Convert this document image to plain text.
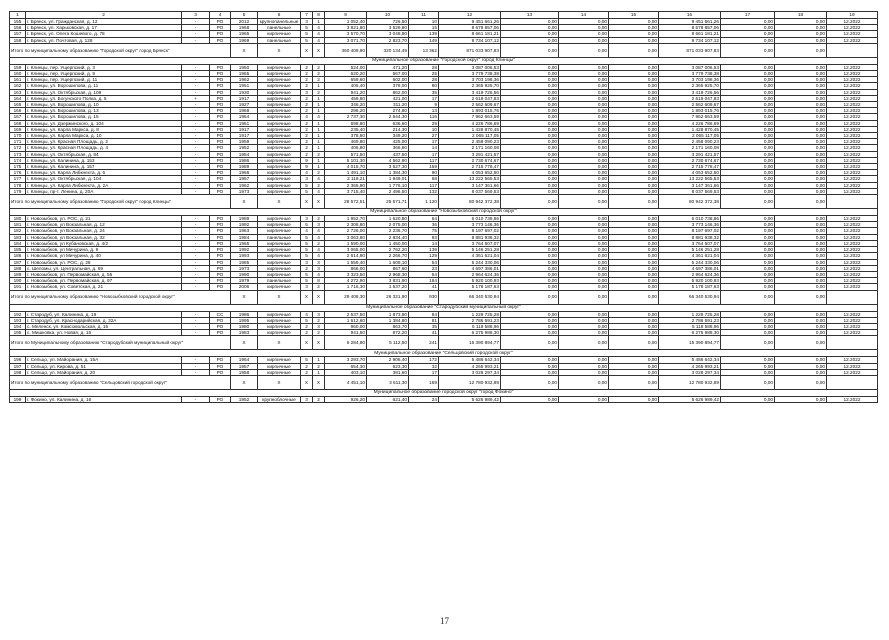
1	2	3	4	5	6	7	8	9	10	11	12	13	14	15	16	17	18	19
155	г. Брянск, ул. Гражданская, д. 12	-	РО	2012	крупнопанельные	3	1	1 052,40	726,50	10	9 451 661,26	0,00	0,00	0,00	9 451 661,26	0,00	0,00	12.2022
156	г. Брянск, ул. Харьковская, д. 17	-	РО	1968	панельные	5	4	3 821,80	3 529,80	15	8 678 857,06	0,00	0,00	0,00	8 678 857,06	0,00	0,00	12.2022
157	г. Брянск, ул. Олега Кошевого, д. 78	-	РО	1965	кирпичные	5	4	3 570,70	3 048,80	139	8 661 181,21	0,00	0,00	0,00	8 661 181,21	0,00	0,00	12.2022
158	г. Брянск, ул. Почтовая, д. 128	-	РО	1969	панельные	5	4	3 071,70	2 823,70	149	9 734 107,12	0,00	0,00	0,00	9 734 107,12	0,00	0,00	12.2022
Итого по муниципальному образованию "Городской округ" город Брянск"				X	X	X	X	360 409,90	320 134,49	13 362	871 033 907,83	0,00	0,00	0,00	871 033 907,83	0,00	0,00	
Муниципальное образование "Городской округ" город Клинцы"																		
159	г. Клинцы, пер. Ущерпский, д. 3	-	РО	1950	кирпичные	2	2	524,00	471,20	28	3 087 006,53	0,00	0,00	0,00	3 087 006,53	0,00	0,00	12.2022
160	г. Клинцы, пер. Ущерпский, д. 9	-	РО	1965	кирпичные	2	2	620,20	567,00	25	3 779 738,38	0,00	0,00	0,00	3 779 738,38	0,00	0,00	12.2022
161	г. Клинцы, пер. Ущерпский, д. 11	-	РО	1962	кирпичные	2	2	659,60	602,00	28	3 703 198,36	0,00	0,00	0,00	3 703 198,36	0,00	0,00	12.2022
162	г. Клинцы, ул. Ворошилова, д. 11	-	РО	1951	кирпичные	2	1	406,40	378,00	80	2 365 925,70	0,00	0,00	0,00	2 365 925,70	0,00	0,00	12.2022
163	г. Клинцы, ул. Октябрьская, д. 108	-	РО	1930	кирпичные	3	2	941,20	862,00	35	3 419 726,56	0,00	0,00	0,00	3 419 726,56	0,00	0,00	12.2022
164	г. Клинцы, ул. Богунского Полка, д. 5	+	РО	1917	кирпичные	2	1	459,80	421,00	17	2 619 047,83	0,00	0,00	0,00	2 619 047,83	0,00	0,00	12.2022
165	г. Клинцы, ул. Ворошилова, д. 10	-	РО	1927	кирпичные	2	1	346,20	311,20	9	2 562 609,67	0,00	0,00	0,00	2 562 609,67	0,00	0,00	12.2022
166	г. Клинцы, ул. Ворошилова, д. 13	-	РО	1968	кирпичные	2	1	296,20	274,80	13	1 893 015,76	0,00	0,00	0,00	1 893 015,76	0,00	0,00	12.2022
167	г. Клинцы, ул. Ворошилова, д. 15	-	РО	1964	кирпичные	4	4	2 737,30	2 544,30	116	7 962 663,59	0,00	0,00	0,00	7 962 663,59	0,00	0,00	12.2022
168	г. Клинцы, ул. Дзержинского, д. 104	-	РО	1961	кирпичные	2	1	698,80	636,60	29	4 226 786,69	0,00	0,00	0,00	4 226 786,69	0,00	0,00	12.2022
169	г. Клинцы, ул. Карла Маркса, д. 8	-	РО	1917	кирпичные	2	1	235,40	214,30	10	1 428 870,45	0,00	0,00	0,00	1 428 870,45	0,00	0,00	12.2022
170	г. Клинцы, ул. Карла Маркса, д. 10	-	РО	1917	кирпичные	2	1	378,80	349,20	27	2 065 117,05	0,00	0,00	0,00	2 065 117,05	0,00	0,00	12.2022
171	г. Клинцы, ул. Красная Площадь, д. 2	-	РО	1959	кирпичные	2	1	469,80	425,00	17	2 458 090,23	0,00	0,00	0,00	2 458 090,23	0,00	0,00	12.2022
172	г. Клинцы, ул. Красная Площадь, д. 4	-	РО	1952	кирпичные	2	1	406,80	366,80	14	2 171 160,08	0,00	0,00	0,00	2 171 160,08	0,00	0,00	12.2022
173	г. Клинцы, ул. Октябрьская, д. 84	-	РО	1954	кирпичные	2	2	571,50	437,50	17	3 291 421,57	0,00	0,00	0,00	3 291 421,57	0,00	0,00	12.2022
174	г. Клинцы, ул. Калинина, д. 153	-	РО	1986	кирпичные	9	1	5 101,30	4 562,90	117	2 730 674,67	0,00	0,00	0,00	2 730 674,67	0,00	0,00	12.2022
175	г. Клинцы, ул. Калинина, д. 157	-	РО	1989	кирпичные	9	1	4 015,70	3 527,30	159	2 715 778,47	0,00	0,00	0,00	2 715 778,47	0,00	0,00	12.2022
176	г. Клинцы, ул. Карла Либкнехта, д. 6	-	РО	1966	кирпичные	4	2	1 491,10	1 384,30	90	4 053 652,50	0,00	0,00	0,00	4 053 652,50	0,00	0,00	12.2022
177	г. Клинцы, ул. Октябрьская, д. 104	-	РО	1957	кирпичные	3	4	2 118,21	1 949,01	68	13 222 565,53	0,00	0,00	0,00	13 222 565,53	0,00	0,00	12.2022
178	г. Клинцы, ул. Карла Либкнехта, д. 2А	-	РО	1962	кирпичные	5	2	2 365,90	1 776,10	117	3 147 361,66	0,00	0,00	0,00	3 147 361,66	0,00	0,00	12.2022
179	г. Клинцы, пр-т. Ленина, д. 20А	-	РО	1973	кирпичные	5	4	3 715,40	2 496,50	132	8 037 569,53	0,00	0,00	0,00	8 037 569,53	0,00	0,00	12.2022
Итого по муниципальному образованию "Городской округ" город Клинцы"				X	X	X	X	28 572,51	25 571,71	1 120	80 942 372,38	0,00	0,00	0,00	80 942 372,38	0,00	0,00	
Муниципальное образование "Новозыбковский городской округ"																		
180	г. Новозыбков, ул. РОС, д. 21	-	РО	1989	кирпичные	3	2	1 952,70	1 620,80	64	6 010 738,86	0,00	0,00	0,00	6 010 738,86	0,00	0,00	12.2022
181	г. Новозыбков, ул Вокзальная, д. 12	-	РО	1992	кирпичные	5	3	2 308,80	2 075,00	36	3 773 146,36	0,00	0,00	0,00	3 773 146,36	0,00	0,00	12.2022
182	г. Новозыбков, ул Вокзальная, д. 24	-	РО	1963	кирпичные	4	4	2 726,00	2 236,70	75	8 197 697,02	0,00	0,00	0,00	8 197 697,02	0,00	0,00	12.2022
183	г. Новозыбков, ул Вокзальная, д. 32	-	РО	1984	панельные	5	4	3 063,80	2 834,40	93	8 881 938,32	0,00	0,00	0,00	8 881 938,32	0,00	0,00	12.2022
184	г. Новозыбков, ул Кубановская, д. 4/2	-	РО	1965	кирпичные	5	2	1 590,00	1 450,00	14	3 764 507,07	0,00	0,00	0,00	3 764 507,07	0,00	0,00	12.2022
185	г. Новозыбков, ул Мичурина, д. 9	-	РО	1992	кирпичные	5	4	3 065,00	2 762,20	139	5 146 251,28	0,00	0,00	0,00	5 146 251,28	0,00	0,00	12.2022
186	г. Новозыбков, ул Мичурина, д. 40	-	РО	1993	кирпичные	5	4	2 614,90	2 266,70	129	4 361 621,04	0,00	0,00	0,00	4 361 621,04	0,00	0,00	12.2022
187	г. Новозыбков, ул. РОС, д. 28	-	РО	1985	кирпичные	3	3	1 559,40	1 609,10	54	5 244 330,06	0,00	0,00	0,00	5 244 330,06	0,00	0,00	12.2022
188	с. Шеломы, ул. Центральная, д. 69	-	РО	1973	кирпичные	2	3	866,00	867,60	23	4 697 386,01	0,00	0,00	0,00	4 697 386,01	0,00	0,00	12.2022
189	г. Новозыбков, ул. Первомайская, д. 55	-	РО	1990	кирпичные	5	4	3 323,50	2 968,30	54	2 964 624,36	0,00	0,00	0,00	2 964 624,36	0,00	0,00	12.2022
190	г. Новозыбков, ул. Первомайская, д. 97	-	РО	1979	панельные	5	8	4 272,90	3 831,90	184	5 920 100,93	0,00	0,00	0,00	5 920 100,93	0,00	0,00	12.2022
191	г. Новозыбков, ул. Советская, д. 21	-	РО	2006	кирпичные	3	2	1 716,30	1 537,20	41	5 178 187,63	0,00	0,00	0,00	5 178 187,63	0,00	0,00	12.2022
Итого по муниципальному образованию "Новозыбковский городской округ"				X	X	X	X	29 408,30	26 321,90	930	66 340 530,94	0,00	0,00	0,00	66 340 530,94	0,00	0,00	
Муниципальное образование "Стародубский муниципальный округ"																		
192	г. Стародуб, ул. Калинина, д. 19	-	СС	1986	кирпичные	4	3	2 537,50	1 873,80	84	1 229 725,28	0,00	0,00	0,00	1 229 725,28	0,00	0,00	12.2022
193	г. Стародуб, ул. Краснодарийская, д. 32А	-	РО	1995	кирпичные	5	2	1 612,60	1 384,80	81	2 786 591,23	0,00	0,00	0,00	2 786 591,23	0,00	0,00	12.2022
194	с. Меленск, ул. Комсомольская, д. 15	-	РО	1980	кирпичные	2	3	960,00	863,70	35	5 118 588,96	0,00	0,00	0,00	5 118 588,96	0,00	0,00	12.2022
195	с. Мишковка, ул. Новая, д. 15	-	РО	1983	кирпичные	2	2	941,50	872,20	41	6 275 988,30	0,00	0,00	0,00	6 275 988,30	0,00	0,00	12.2022
Итого по Муниципальному образованию "Стародубский муниципальный округ"				X	X	X	X	6 284,80	5 112,50	241	15 390 894,77	0,00	0,00	0,00	15 390 894,77	0,00	0,00	
Муниципальное образование "Сельцовский городской округ"																		
196	г. Сельцо, ул. Майорания, д. 15А	-	РО	1964	кирпичные	5	1	3 293,70	2 906,40	172	5 486 642,34	0,00	0,00	0,00	5 486 642,34	0,00	0,00	12.2022
197	г. Сельцо, ул. Кирова, д. 51	-	РО	1957	кирпичные	2	2	654,30	623,30	32	4 265 993,21	0,00	0,00	0,00	4 265 993,21	0,00	0,00	12.2022
198	г. Сельцо, ул. Майорания, д. 20	-	РО	1958	кирпичные	2	1	403,10	381,60	17	3 028 297,34	0,00	0,00	0,00	3 028 297,34	0,00	0,00	12.2022
Итого по муниципальному образованию "Сельцовский городской округ"				X	X	X	X	4 451,10	3 611,30	169	12 780 932,89	0,00	0,00	0,00	12 780 932,89	0,00	0,00	
Муниципальное образование городской округ "город Фокино"																		
199	г. Фокино, ул. Калинина, д. 16	-	РО	1952	крупноблочные	3	2	926,20	621,40	24	5 626 989,42	0,00	0,00	0,00	5 626 989,42	0,00	0,00	12.2022
17
